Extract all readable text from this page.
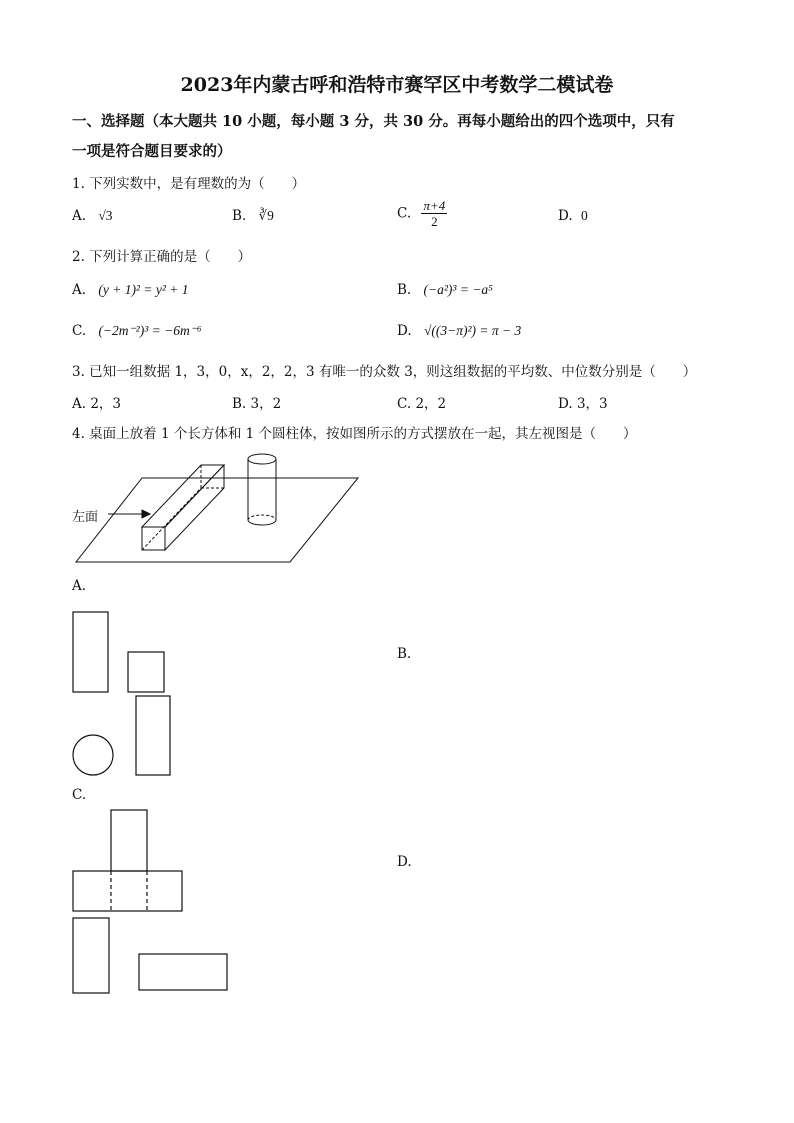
2023年内蒙古呼和浩特市赛罕区中考数学二模试卷
一、选择题（本大题共 10 小题，每小题 3 分，共 30 分。再每小题给出的四个选项中，只有
一项是符合题目要求的）
1. 下列实数中，是有理数的为（　　）
A. √3	B. ∛9	C. $\frac{\pi+4}{2}$	D. 0
2. 下列计算正确的是（　　）
A. (y + 1)² = y² + 1	B. (−a²)³ = −a⁵
C. (−2m⁻²)³ = −6m⁻⁶	D. √((3−π)²) = π − 3
3. 已知一组数据 1，3，0，x，2，2，3 有唯一的众数 3，则这组数据的平均数、中位数分别是（　　）
A. 2，3	B. 3，2	C. 2，2	D. 3，3
4. 桌面上放着 1 个长方体和 1 个圆柱体，按如图所示的方式摆放在一起，其左视图是（　　）
左面
A.
B.
C.
D.
